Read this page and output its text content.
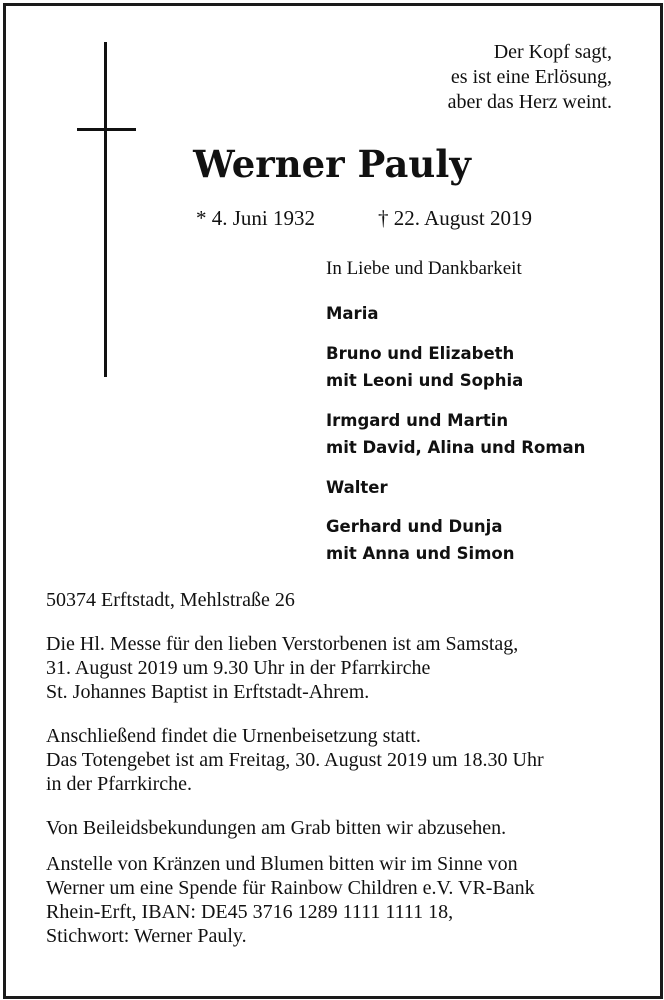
Der Kopf sagt,
es ist eine Erlösung,
aber das Herz weint.
Werner Pauly
* 4. Juni 1932	† 22. August 2019
In Liebe und Dankbarkeit
Maria
Bruno und Elizabeth
mit Leoni und Sophia
Irmgard und Martin
mit David, Alina und Roman
Walter
Gerhard und Dunja
mit Anna und Simon
50374 Erftstadt, Mehlstraße 26
Die Hl. Messe für den lieben Verstorbenen ist am Samstag,
31. August 2019 um 9.30 Uhr in der Pfarrkirche
St. Johannes Baptist in Erftstadt-Ahrem.
Anschließend findet die Urnenbeisetzung statt.
Das Totengebet ist am Freitag, 30. August 2019 um 18.30 Uhr
in der Pfarrkirche.
Von Beileidsbekundungen am Grab bitten wir abzusehen.
Anstelle von Kränzen und Blumen bitten wir im Sinne von
Werner um eine Spende für Rainbow Children e.V. VR-Bank
Rhein-Erft, IBAN: DE45 3716 1289 1111 1111 18,
Stichwort: Werner Pauly.
